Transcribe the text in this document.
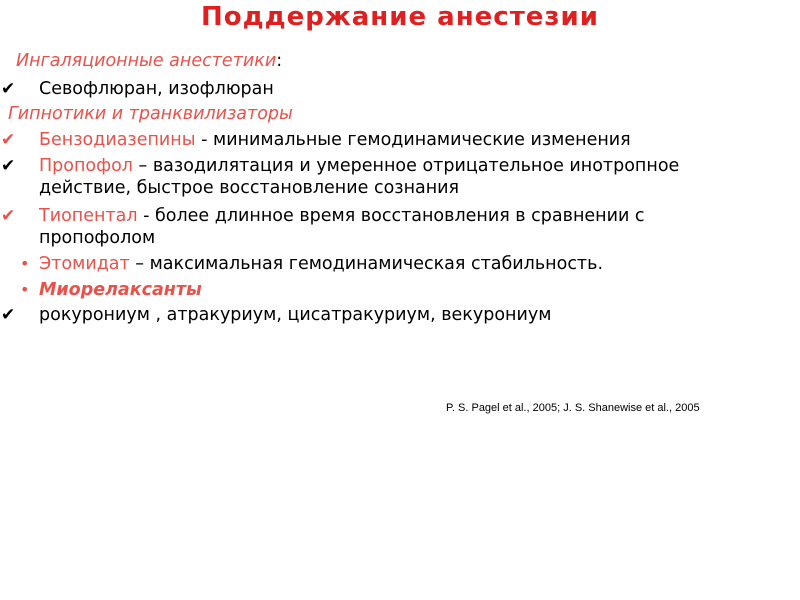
Поддержание анестезии
Ингаляционные анестетики:
✔ Севофлюран, изофлюран
Гипнотики и транквилизаторы
✔ Бензодиазепины - минимальные гемодинамические изменения
✔ Пропофол – вазодилятация и умеренное отрицательное инотропное
действие, быстрое восстановление сознания
✔ Тиопентал - более длинное время восстановления в сравнении с
пропофолом
• Этомидат – максимальная гемодинамическая стабильность.
• Миорелаксанты
✔ рокурониум , атракуриум, цисатракуриум, векурониум
P. S. Pagel et al., 2005; J. S. Shanewise et al., 2005
